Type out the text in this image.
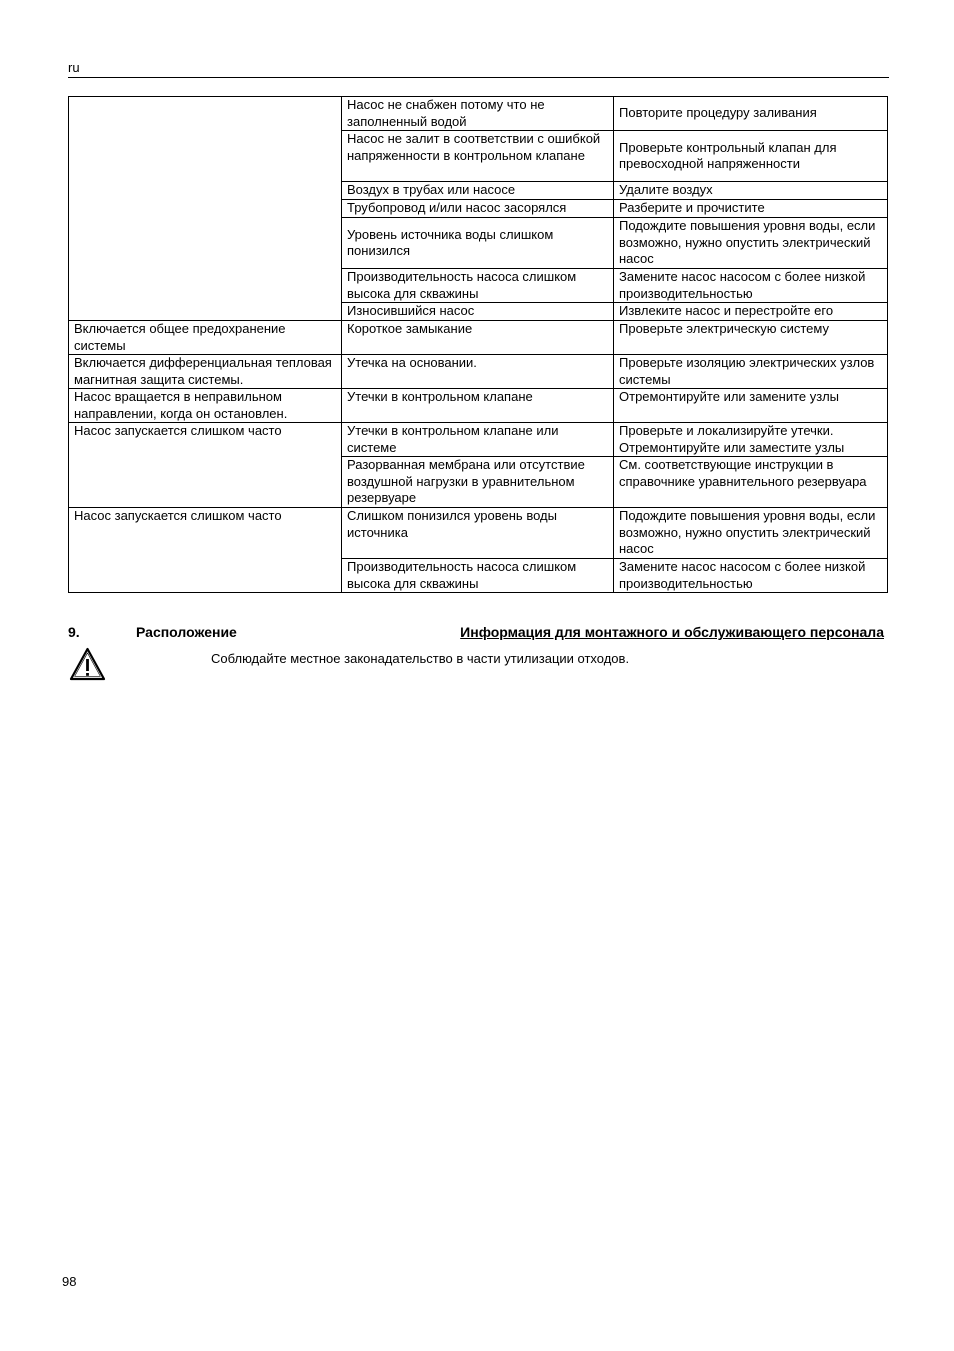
ru
	Насос не снабжен потому что не заполненный водой	Повторите процедуру заливания
	Насос не залит в соответствии с ошибкой напряженности в контрольном клапане	Проверьте контрольный клапан для превосходной напряженности
	Воздух в трубах или насосе	Удалите воздух
	Трубопровод и/или насос засорялся	Разберите и прочистите
	Уровень источника воды слишком понизился	Подождите повышения уровня воды, если возможно, нужно опустить электрический насос
	Производительность насоса слишком высока для скважины	Замените насос насосом с более низкой производительностью
	Износившийся насос	Извлеките насос и перестройте его
Включается общее предохранение системы	Короткое замыкание	Проверьте электрическую систему
Включается дифференциальная тепловая магнитная защита системы.	Утечка на основании.	Проверьте изоляцию электрических узлов системы
Насос вращается в неправильном направлении, когда он остановлен.	Утечки в контрольном клапане	Отремонтируйте или замените узлы
Насос запускается слишком часто	Утечки в контрольном клапане или системе	Проверьте и локализируйте утечки. Отремонтируйте или заместите узлы
	Разорванная мембрана или отсутствие воздушной нагрузки в уравнительном резервуаре	См. соответствующие инструкции в справочнике уравнительного резервуара
Насос запускается слишком часто	Слишком понизился уровень воды источника	Подождите повышения уровня воды, если возможно, нужно опустить электрический насос
	Производительность насоса слишком высока для скважины	Замените насос насосом с более низкой производительностью
9.	Расположение	Информация для монтажного и обслуживающего персонала
Соблюдайте местное законадательство в части утилизации отходов.
98
